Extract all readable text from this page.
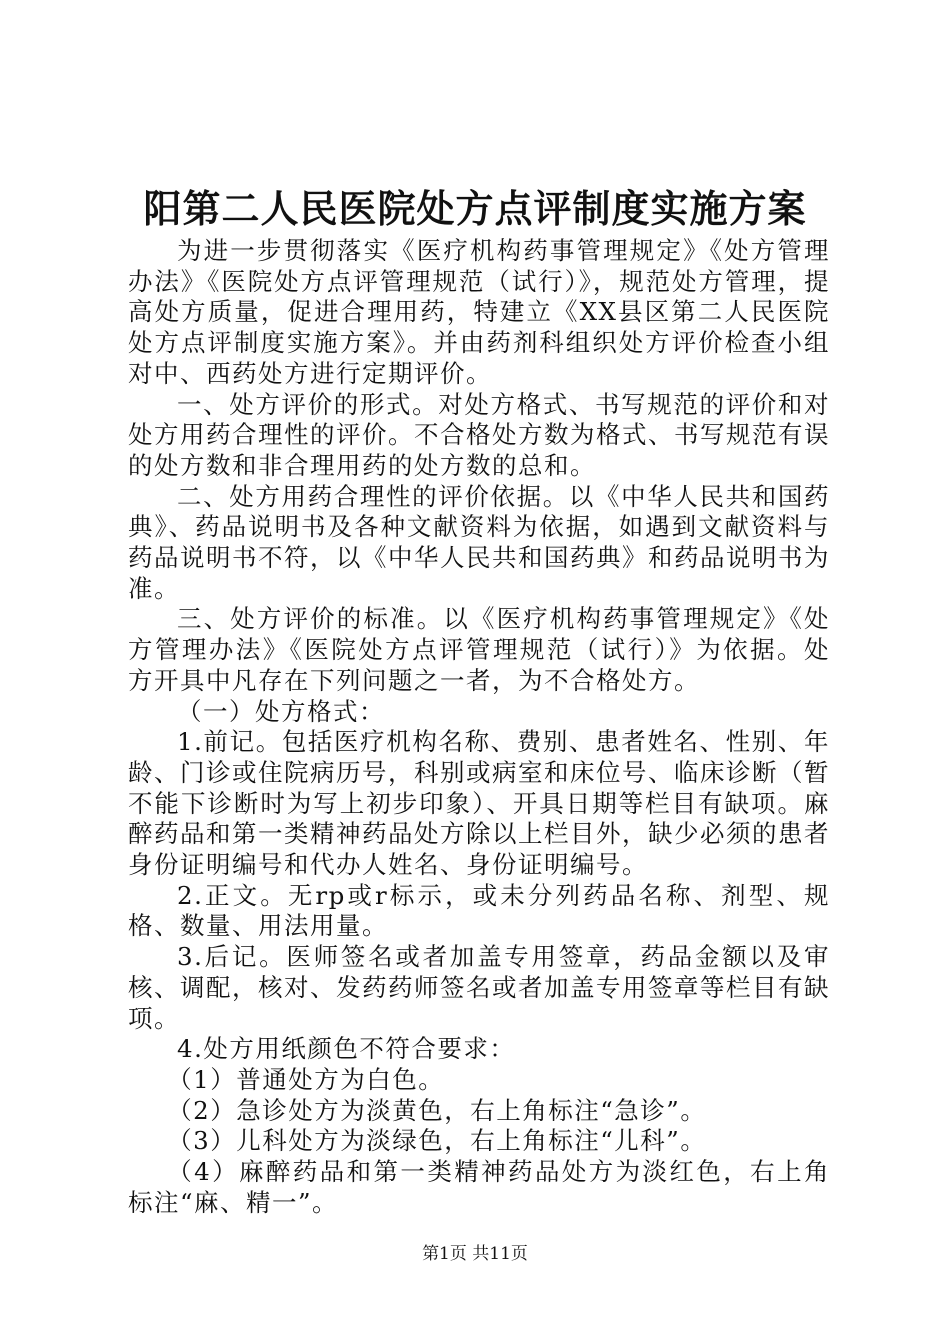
阳第二人民医院处方点评制度实施方案

为进一步贯彻落实《医疗机构药事管理规定》《处方管理办法》《医院处方点评管理规范（试行）》，规范处方管理，提高处方质量，促进合理用药，特建立《XX县区第二人民医院处方点评制度实施方案》。并由药剂科组织处方评价检查小组对中、西药处方进行定期评价。

一、处方评价的形式。对处方格式、书写规范的评价和对处方用药合理性的评价。不合格处方数为格式、书写规范有误的处方数和非合理用药的处方数的总和。

二、处方用药合理性的评价依据。以《中华人民共和国药典》、药品说明书及各种文献资料为依据，如遇到文献资料与药品说明书不符，以《中华人民共和国药典》和药品说明书为准。

三、处方评价的标准。以《医疗机构药事管理规定》《处方管理办法》《医院处方点评管理规范（试行）》为依据。处方开具中凡存在下列问题之一者，为不合格处方。

（一）处方格式：

1.前记。包括医疗机构名称、费别、患者姓名、性别、年龄、门诊或住院病历号，科别或病室和床位号、临床诊断（暂不能下诊断时为写上初步印象）、开具日期等栏目有缺项。麻醉药品和第一类精神药品处方除以上栏目外，缺少必须的患者身份证明编号和代办人姓名、身份证明编号。

2.正文。无rp或r标示，或未分列药品名称、剂型、规格、数量、用法用量。

3.后记。医师签名或者加盖专用签章，药品金额以及审核、调配，核对、发药药师签名或者加盖专用签章等栏目有缺项。

4.处方用纸颜色不符合要求：

（1）普通处方为白色。

（2）急诊处方为淡黄色，右上角标注“急诊”。

（3）儿科处方为淡绿色，右上角标注“儿科”。

（4）麻醉药品和第一类精神药品处方为淡红色，右上角标注“麻、精一”。

第1页 共11页
